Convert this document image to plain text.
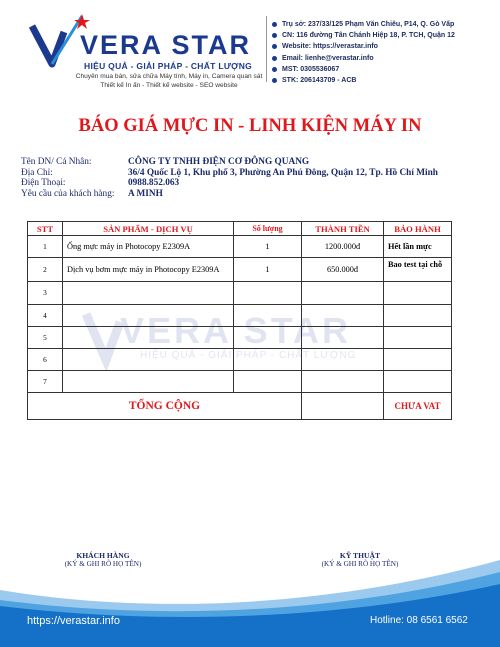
VERA STAR
HIỆU QUẢ - GIẢI PHÁP - CHẤT LƯỢNG
Chuyên mua bán, sửa chữa Máy tính, Máy in, Camera quan sát
Thiết kế In ấn - Thiết kế website - SEO website
Trụ sở: 237/33/125 Phạm Văn Chiêu, P14, Q. Gò Vấp
CN: 116 đường Tân Chánh Hiệp 18, P. TCH, Quận 12
Website: https://verastar.info
Email: lienhe@verastar.info
MST: 0305536067
STK: 206143709 - ACB
BÁO GIÁ MỰC IN - LINH KIỆN MÁY IN
Tên DN/ Cá Nhân:	CÔNG TY TNHH ĐIỆN CƠ ĐÔNG QUANG
Địa Chỉ:	36/4 Quốc Lộ 1, Khu phố 3, Phường An Phú Đông, Quận 12, Tp. Hồ Chí Minh
Điện Thoại:	0988.852.063
Yêu cầu của khách hàng: A MINH
VERA STAR
HIỆU QUẢ - GIẢI PHÁP - CHẤT LƯỢNG
STT	SẢN PHẨM - DỊCH VỤ	Số lượng	THÀNH TIỀN	BẢO HÀNH
1	Ống mực máy in Photocopy E2309A	1	1200.000đ	Hết lần mực
2	Dịch vụ bơm mực máy in Photocopy E2309A	1	650.000đ	Bao test tại chỗ
3				
4				
5				
6				
7				
TỔNG CỘNG				CHƯA VAT
KHÁCH HÀNG
(KÝ & GHI RÕ HỌ TÊN)
KỸ THUẬT
(KÝ & GHI RÕ HỌ TÊN)
https://verastar.info	Hotline: 08 6561 6562
